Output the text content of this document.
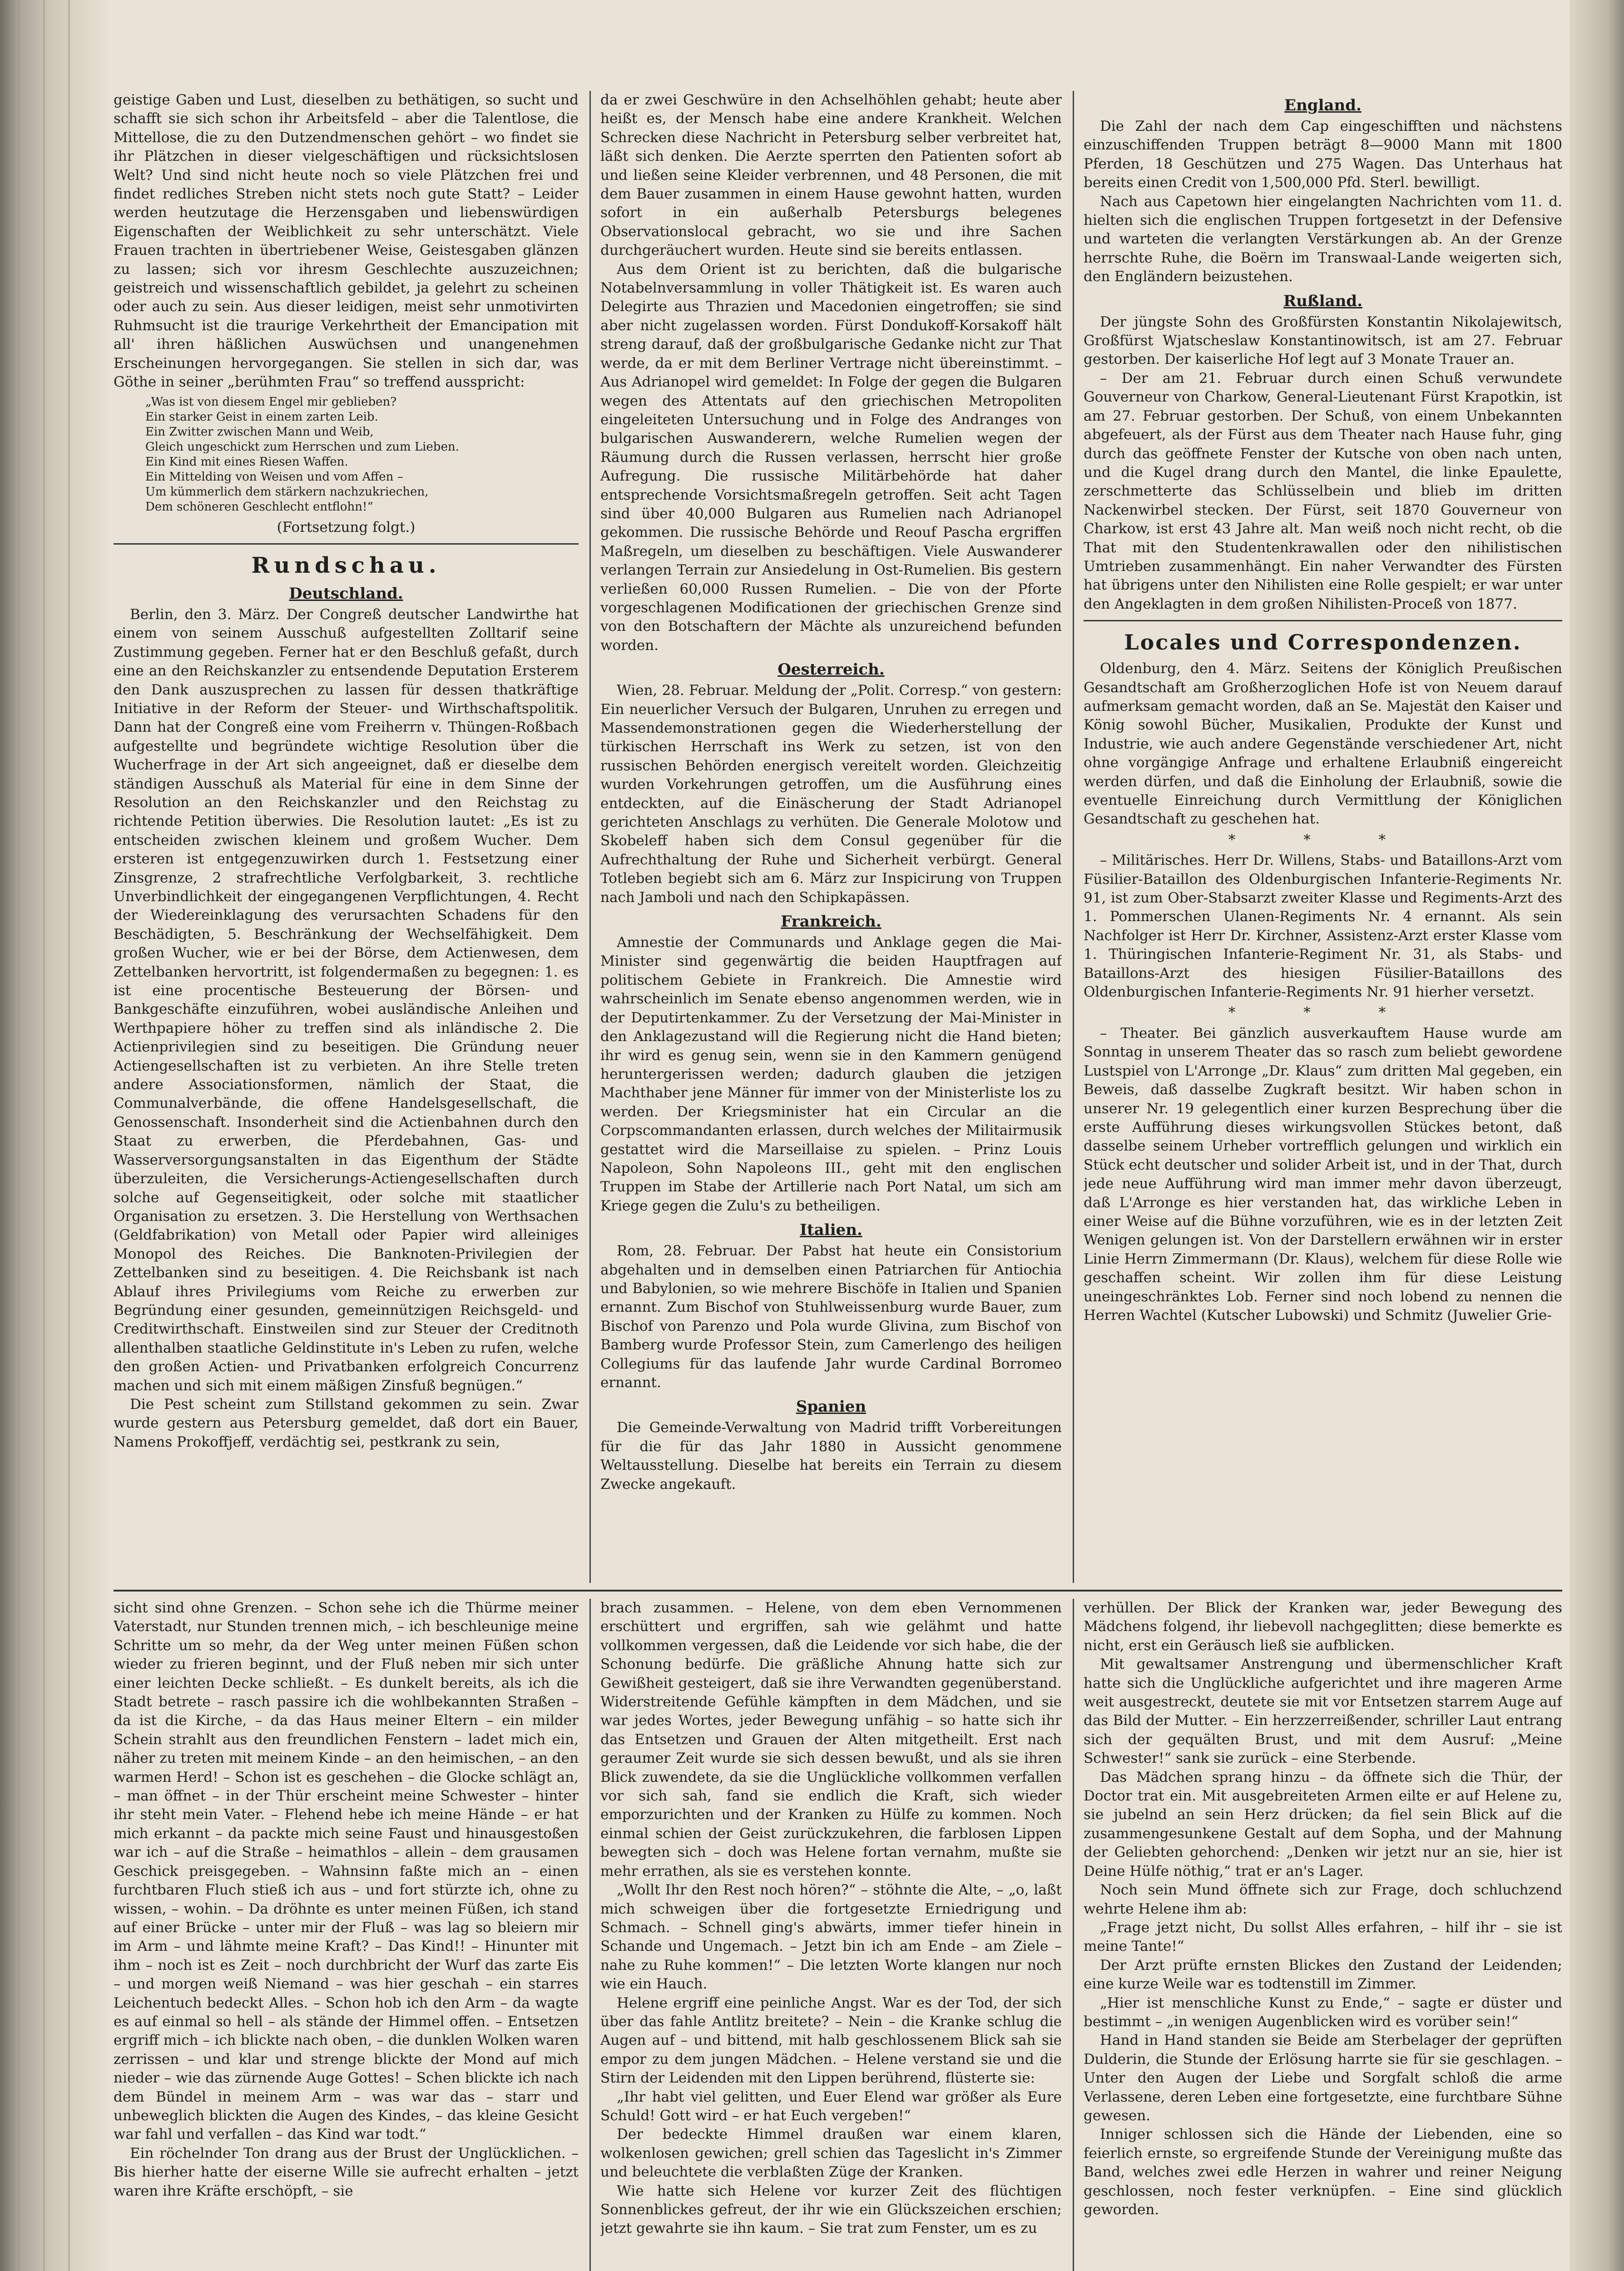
geistige Gaben und Lust, dieselben zu bethätigen, so sucht und schafft sie sich schon ihr Arbeitsfeld – aber die Talentlose, die Mittellose, die zu den Dutzendmenschen gehört – wo findet sie ihr Plätzchen in dieser vielgeschäftigen und rücksichtslosen Welt? Und sind nicht heute noch so viele Plätzchen frei und findet redliches Streben nicht stets noch gute Statt? – Leider werden heutzutage die Herzensgaben und liebenswürdigen Eigenschaften der Weiblichkeit zu sehr unterschätzt. Viele Frauen trachten in übertriebener Weise, Geistesgaben glänzen zu lassen; sich vor ihresm Geschlechte auszuzeichnen; geistreich und wissenschaftlich gebildet, ja gelehrt zu scheinen oder auch zu sein. Aus dieser leidigen, meist sehr unmotivirten Ruhmsucht ist die traurige Verkehrtheit der Emancipation mit all' ihren häßlichen Auswüchsen und unangenehmen Erscheinungen hervorgegangen. Sie stellen in sich dar, was Göthe in seiner „berühmten Frau“ so treffend ausspricht:

„Was ist von diesem Engel mir geblieben?

Ein starker Geist in einem zarten Leib.

Ein Zwitter zwischen Mann und Weib,

Gleich ungeschickt zum Herrschen und zum Lieben.

Ein Kind mit eines Riesen Waffen.

Ein Mittelding von Weisen und vom Affen –

Um kümmerlich dem stärkern nachzukriechen,

Dem schöneren Geschlecht entflohn!“

(Fortsetzung folgt.)
Rundschau.
Deutschland.

Berlin, den 3. März. Der Congreß deutscher Landwirthe hat einem von seinem Ausschuß aufgestellten Zolltarif seine Zustimmung gegeben. Ferner hat er den Beschluß gefaßt, durch eine an den Reichskanzler zu entsendende Deputation Ersterem den Dank auszusprechen zu lassen für dessen thatkräftige Initiative in der Reform der Steuer- und Wirthschaftspolitik. Dann hat der Congreß eine vom Freiherrn v. Thüngen-Roßbach aufgestellte und begründete wichtige Resolution über die Wucherfrage in der Art sich angeeignet, daß er dieselbe dem ständigen Ausschuß als Material für eine in dem Sinne der Resolution an den Reichskanzler und den Reichstag zu richtende Petition überwies. Die Resolution lautet: „Es ist zu entscheiden zwischen kleinem und großem Wucher. Dem ersteren ist entgegenzuwirken durch 1. Festsetzung einer Zinsgrenze, 2 strafrechtliche Verfolgbarkeit, 3. rechtliche Unverbindlichkeit der eingegangenen Verpflichtungen, 4. Recht der Wiedereinklagung des verursachten Schadens für den Beschädigten, 5. Beschränkung der Wechselfähigkeit. Dem großen Wucher, wie er bei der Börse, dem Actienwesen, dem Zettelbanken hervortritt, ist folgendermaßen zu begegnen: 1. es ist eine procentische Besteuerung der Börsen- und Bankgeschäfte einzuführen, wobei ausländische Anleihen und Werthpapiere höher zu treffen sind als inländische 2. Die Actienprivilegien sind zu beseitigen. Die Gründung neuer Actiengesellschaften ist zu verbieten. An ihre Stelle treten andere Associationsformen, nämlich der Staat, die Communalverbände, die offene Handelsgesellschaft, die Genossenschaft. Insonderheit sind die Actienbahnen durch den Staat zu erwerben, die Pferdebahnen, Gas- und Wasserversorgungsanstalten in das Eigenthum der Städte überzuleiten, die Versicherungs-Actiengesellschaften durch solche auf Gegenseitigkeit, oder solche mit staatlicher Organisation zu ersetzen. 3. Die Herstellung von Werthsachen (Geldfabrikation) von Metall oder Papier wird alleiniges Monopol des Reiches. Die Banknoten-Privilegien der Zettelbanken sind zu beseitigen. 4. Die Reichsbank ist nach Ablauf ihres Privilegiums vom Reiche zu erwerben zur Begründung einer gesunden, gemeinnützigen Reichsgeld- und Creditwirthschaft. Einstweilen sind zur Steuer der Creditnoth allenthalben staatliche Geldinstitute in's Leben zu rufen, welche den großen Actien- und Privatbanken erfolgreich Concurrenz machen und sich mit einem mäßigen Zinsfuß begnügen.“

Die Pest scheint zum Stillstand gekommen zu sein. Zwar wurde gestern aus Petersburg gemeldet, daß dort ein Bauer, Namens Prokoffjeff, verdächtig sei, pestkrank zu sein,

da er zwei Geschwüre in den Achselhöhlen gehabt; heute aber heißt es, der Mensch habe eine andere Krankheit. Welchen Schrecken diese Nachricht in Petersburg selber verbreitet hat, läßt sich denken. Die Aerzte sperrten den Patienten sofort ab und ließen seine Kleider verbrennen, und 48 Personen, die mit dem Bauer zusammen in einem Hause gewohnt hatten, wurden sofort in ein außerhalb Petersburgs belegenes Observationslocal gebracht, wo sie und ihre Sachen durchgeräuchert wurden. Heute sind sie bereits entlassen.

Aus dem Orient ist zu berichten, daß die bulgarische Notabelnversammlung in voller Thätigkeit ist. Es waren auch Delegirte aus Thrazien und Macedonien eingetroffen; sie sind aber nicht zugelassen worden. Fürst Dondukoff-Korsakoff hält streng darauf, daß der großbulgarische Gedanke nicht zur That werde, da er mit dem Berliner Vertrage nicht übereinstimmt. – Aus Adrianopel wird gemeldet: In Folge der gegen die Bulgaren wegen des Attentats auf den griechischen Metropoliten eingeleiteten Untersuchung und in Folge des Andranges von bulgarischen Auswanderern, welche Rumelien wegen der Räumung durch die Russen verlassen, herrscht hier große Aufregung. Die russische Militärbehörde hat daher entsprechende Vorsichtsmaßregeln getroffen. Seit acht Tagen sind über 40,000 Bulgaren aus Rumelien nach Adrianopel gekommen. Die russische Behörde und Reouf Pascha ergriffen Maßregeln, um dieselben zu beschäftigen. Viele Auswanderer verlangen Terrain zur Ansiedelung in Ost-Rumelien. Bis gestern verließen 60,000 Russen Rumelien. – Die von der Pforte vorgeschlagenen Modificationen der griechischen Grenze sind von den Botschaftern der Mächte als unzureichend befunden worden.

Oesterreich.

Wien, 28. Februar. Meldung der „Polit. Corresp.“ von gestern: Ein neuerlicher Versuch der Bulgaren, Unruhen zu erregen und Massendemonstrationen gegen die Wiederherstellung der türkischen Herrschaft ins Werk zu setzen, ist von den russischen Behörden energisch vereitelt worden. Gleichzeitig wurden Vorkehrungen getroffen, um die Ausführung eines entdeckten, auf die Einäscherung der Stadt Adrianopel gerichteten Anschlags zu verhüten. Die Generale Molotow und Skobeleff haben sich dem Consul gegenüber für die Aufrechthaltung der Ruhe und Sicherheit verbürgt. General Totleben begiebt sich am 6. März zur Inspicirung von Truppen nach Jamboli und nach den Schipkapässen.

Frankreich.

Amnestie der Communards und Anklage gegen die Mai-Minister sind gegenwärtig die beiden Hauptfragen auf politischem Gebiete in Frankreich. Die Amnestie wird wahrscheinlich im Senate ebenso angenommen werden, wie in der Deputirtenkammer. Zu der Versetzung der Mai-Minister in den Anklagezustand will die Regierung nicht die Hand bieten; ihr wird es genug sein, wenn sie in den Kammern genügend heruntergerissen werden; dadurch glauben die jetzigen Machthaber jene Männer für immer von der Ministerliste los zu werden. Der Kriegsminister hat ein Circular an die Corpscommandanten erlassen, durch welches der Militairmusik gestattet wird die Marseillaise zu spielen. – Prinz Louis Napoleon, Sohn Napoleons III., geht mit den englischen Truppen im Stabe der Artillerie nach Port Natal, um sich am Kriege gegen die Zulu's zu betheiligen.

Italien.

Rom, 28. Februar. Der Pabst hat heute ein Consistorium abgehalten und in demselben einen Patriarchen für Antiochia und Babylonien, so wie mehrere Bischöfe in Italien und Spanien ernannt. Zum Bischof von Stuhlweissenburg wurde Bauer, zum Bischof von Parenzo und Pola wurde Glivina, zum Bischof von Bamberg wurde Professor Stein, zum Camerlengo des heiligen Collegiums für das laufende Jahr wurde Cardinal Borromeo ernannt.

Spanien

Die Gemeinde-Verwaltung von Madrid trifft Vorbereitungen für die für das Jahr 1880 in Aussicht genommene Weltausstellung. Dieselbe hat bereits ein Terrain zu diesem Zwecke angekauft.

England.

Die Zahl der nach dem Cap eingeschifften und nächstens einzuschiffenden Truppen beträgt 8—9000 Mann mit 1800 Pferden, 18 Geschützen und 275 Wagen. Das Unterhaus hat bereits einen Credit von 1,500,000 Pfd. Sterl. bewilligt.

Nach aus Capetown hier eingelangten Nachrichten vom 11. d. hielten sich die englischen Truppen fortgesetzt in der Defensive und warteten die verlangten Verstärkungen ab. An der Grenze herrschte Ruhe, die Boërn im Transwaal-Lande weigerten sich, den Engländern beizustehen.

Rußland.

Der jüngste Sohn des Großfürsten Konstantin Nikolajewitsch, Großfürst Wjatscheslaw Konstantinowitsch, ist am 27. Februar gestorben. Der kaiserliche Hof legt auf 3 Monate Trauer an.

– Der am 21. Februar durch einen Schuß verwundete Gouverneur von Charkow, General-Lieutenant Fürst Krapotkin, ist am 27. Februar gestorben. Der Schuß, von einem Unbekannten abgefeuert, als der Fürst aus dem Theater nach Hause fuhr, ging durch das geöffnete Fenster der Kutsche von oben nach unten, und die Kugel drang durch den Mantel, die linke Epaulette, zerschmetterte das Schlüsselbein und blieb im dritten Nackenwirbel stecken. Der Fürst, seit 1870 Gouverneur von Charkow, ist erst 43 Jahre alt. Man weiß noch nicht recht, ob die That mit den Studentenkrawallen oder den nihilistischen Umtrieben zusammenhängt. Ein naher Verwandter des Fürsten hat übrigens unter den Nihilisten eine Rolle gespielt; er war unter den Angeklagten in dem großen Nihilisten-Proceß von 1877.

Locales und Correspondenzen.

Oldenburg, den 4. März. Seitens der Königlich Preußischen Gesandtschaft am Großherzoglichen Hofe ist von Neuem darauf aufmerksam gemacht worden, daß an Se. Majestät den Kaiser und König sowohl Bücher, Musikalien, Produkte der Kunst und Industrie, wie auch andere Gegenstände verschiedener Art, nicht ohne vorgängige Anfrage und erhaltene Erlaubniß eingereicht werden dürfen, und daß die Einholung der Erlaubniß, sowie die eventuelle Einreichung durch Vermittlung der Königlichen Gesandtschaft zu geschehen hat.

* * *

– Militärisches. Herr Dr. Willens, Stabs- und Bataillons-Arzt vom Füsilier-Bataillon des Oldenburgischen Infanterie-Regiments Nr. 91, ist zum Ober-Stabsarzt zweiter Klasse und Regiments-Arzt des 1. Pommerschen Ulanen-Regiments Nr. 4 ernannt. Als sein Nachfolger ist Herr Dr. Kirchner, Assistenz-Arzt erster Klasse vom 1. Thüringischen Infanterie-Regiment Nr. 31, als Stabs- und Bataillons-Arzt des hiesigen Füsilier-Bataillons des Oldenburgischen Infanterie-Regiments Nr. 91 hierher versetzt.

* * *

– Theater. Bei gänzlich ausverkauftem Hause wurde am Sonntag in unserem Theater das so rasch zum beliebt gewordene Lustspiel von L'Arronge „Dr. Klaus“ zum dritten Mal gegeben, ein Beweis, daß dasselbe Zugkraft besitzt. Wir haben schon in unserer Nr. 19 gelegentlich einer kurzen Besprechung über die erste Aufführung dieses wirkungsvollen Stückes betont, daß dasselbe seinem Urheber vortrefflich gelungen und wirklich ein Stück echt deutscher und solider Arbeit ist, und in der That, durch jede neue Aufführung wird man immer mehr davon überzeugt, daß L'Arronge es hier verstanden hat, das wirkliche Leben in einer Weise auf die Bühne vorzuführen, wie es in der letzten Zeit Wenigen gelungen ist. Von der Darstellern erwähnen wir in erster Linie Herrn Zimmermann (Dr. Klaus), welchem für diese Rolle wie geschaffen scheint. Wir zollen ihm für diese Leistung uneingeschränktes Lob. Ferner sind noch lobend zu nennen die Herren Wachtel (Kutscher Lubowski) und Schmitz (Juwelier Grie-

sicht sind ohne Grenzen. – Schon sehe ich die Thürme meiner Vaterstadt, nur Stunden trennen mich, – ich beschleunige meine Schritte um so mehr, da der Weg unter meinen Füßen schon wieder zu frieren beginnt, und der Fluß neben mir sich unter einer leichten Decke schließt. – Es dunkelt bereits, als ich die Stadt betrete – rasch passire ich die wohlbekannten Straßen – da ist die Kirche, – da das Haus meiner Eltern – ein milder Schein strahlt aus den freundlichen Fenstern – ladet mich ein, näher zu treten mit meinem Kinde – an den heimischen, – an den warmen Herd! – Schon ist es geschehen – die Glocke schlägt an, – man öffnet – in der Thür erscheint meine Schwester – hinter ihr steht mein Vater. – Flehend hebe ich meine Hände – er hat mich erkannt – da packte mich seine Faust und hinausgestoßen war ich – auf die Straße – heimathlos – allein – dem grausamen Geschick preisgegeben. – Wahnsinn faßte mich an – einen furchtbaren Fluch stieß ich aus – und fort stürzte ich, ohne zu wissen, – wohin. – Da dröhnte es unter meinen Füßen, ich stand auf einer Brücke – unter mir der Fluß – was lag so bleiern mir im Arm – und lähmte meine Kraft? – Das Kind!! – Hinunter mit ihm – noch ist es Zeit – noch durchbricht der Wurf das zarte Eis – und morgen weiß Niemand – was hier geschah – ein starres Leichentuch bedeckt Alles. – Schon hob ich den Arm – da wagte es auf einmal so hell – als stände der Himmel offen. – Entsetzen ergriff mich – ich blickte nach oben, – die dunklen Wolken waren zerrissen – und klar und strenge blickte der Mond auf mich nieder – wie das zürnende Auge Gottes! – Schen blickte ich nach dem Bündel in meinem Arm – was war das – starr und unbeweglich blickten die Augen des Kindes, – das kleine Gesicht war fahl und verfallen – das Kind war todt.“

Ein röchelnder Ton drang aus der Brust der Unglücklichen. – Bis hierher hatte der eiserne Wille sie aufrecht erhalten – jetzt waren ihre Kräfte erschöpft, – sie

brach zusammen. – Helene, von dem eben Vernommenen erschüttert und ergriffen, sah wie gelähmt und hatte vollkommen vergessen, daß die Leidende vor sich habe, die der Schonung bedürfe. Die gräßliche Ahnung hatte sich zur Gewißheit gesteigert, daß sie ihre Verwandten gegenüberstand. Widerstreitende Gefühle kämpften in dem Mädchen, und sie war jedes Wortes, jeder Bewegung unfähig – so hatte sich ihr das Entsetzen und Grauen der Alten mitgetheilt. Erst nach geraumer Zeit wurde sie sich dessen bewußt, und als sie ihren Blick zuwendete, da sie die Unglückliche vollkommen verfallen vor sich sah, fand sie endlich die Kraft, sich wieder emporzurichten und der Kranken zu Hülfe zu kommen. Noch einmal schien der Geist zurückzukehren, die farblosen Lippen bewegten sich – doch was Helene fortan vernahm, mußte sie mehr errathen, als sie es verstehen konnte.

„Wollt Ihr den Rest noch hören?“ – stöhnte die Alte, – „o, laßt mich schweigen über die fortgesetzte Erniedrigung und Schmach. – Schnell ging's abwärts, immer tiefer hinein in Schande und Ungemach. – Jetzt bin ich am Ende – am Ziele – nahe zu Ruhe kommen!“ – Die letzten Worte klangen nur noch wie ein Hauch.

Helene ergriff eine peinliche Angst. War es der Tod, der sich über das fahle Antlitz breitete? – Nein – die Kranke schlug die Augen auf – und bittend, mit halb geschlossenem Blick sah sie empor zu dem jungen Mädchen. – Helene verstand sie und die Stirn der Leidenden mit den Lippen berührend, flüsterte sie:

„Ihr habt viel gelitten, und Euer Elend war größer als Eure Schuld! Gott wird – er hat Euch vergeben!“

Der bedeckte Himmel draußen war einem klaren, wolkenlosen gewichen; grell schien das Tageslicht in's Zimmer und beleuchtete die verblaßten Züge der Kranken.

Wie hatte sich Helene vor kurzer Zeit des flüchtigen Sonnenblickes gefreut, der ihr wie ein Glückszeichen erschien; jetzt gewahrte sie ihn kaum. – Sie trat zum Fenster, um es zu

verhüllen. Der Blick der Kranken war, jeder Bewegung des Mädchens folgend, ihr liebevoll nachgeglitten; diese bemerkte es nicht, erst ein Geräusch ließ sie aufblicken.

Mit gewaltsamer Anstrengung und übermenschlicher Kraft hatte sich die Unglückliche aufgerichtet und ihre mageren Arme weit ausgestreckt, deutete sie mit vor Entsetzen starrem Auge auf das Bild der Mutter. – Ein herzzerreißender, schriller Laut entrang sich der gequälten Brust, und mit dem Ausruf: „Meine Schwester!“ sank sie zurück – eine Sterbende.

Das Mädchen sprang hinzu – da öffnete sich die Thür, der Doctor trat ein. Mit ausgebreiteten Armen eilte er auf Helene zu, sie jubelnd an sein Herz drücken; da fiel sein Blick auf die zusammengesunkene Gestalt auf dem Sopha, und der Mahnung der Geliebten gehorchend: „Denken wir jetzt nur an sie, hier ist Deine Hülfe nöthig,“ trat er an's Lager.

Noch sein Mund öffnete sich zur Frage, doch schluchzend wehrte Helene ihm ab:

„Frage jetzt nicht, Du sollst Alles erfahren, – hilf ihr – sie ist meine Tante!“

Der Arzt prüfte ernsten Blickes den Zustand der Leidenden; eine kurze Weile war es todtenstill im Zimmer.

„Hier ist menschliche Kunst zu Ende,“ – sagte er düster und bestimmt – „in wenigen Augenblicken wird es vorüber sein!“

Hand in Hand standen sie Beide am Sterbelager der geprüften Dulderin, die Stunde der Erlösung harrte sie für sie geschlagen. – Unter den Augen der Liebe und Sorgfalt schloß die arme Verlassene, deren Leben eine fortgesetzte, eine furchtbare Sühne gewesen.

Inniger schlossen sich die Hände der Liebenden, eine so feierlich ernste, so ergreifende Stunde der Vereinigung mußte das Band, welches zwei edle Herzen in wahrer und reiner Neigung geschlossen, noch fester verknüpfen. – Eine sind glücklich geworden.
